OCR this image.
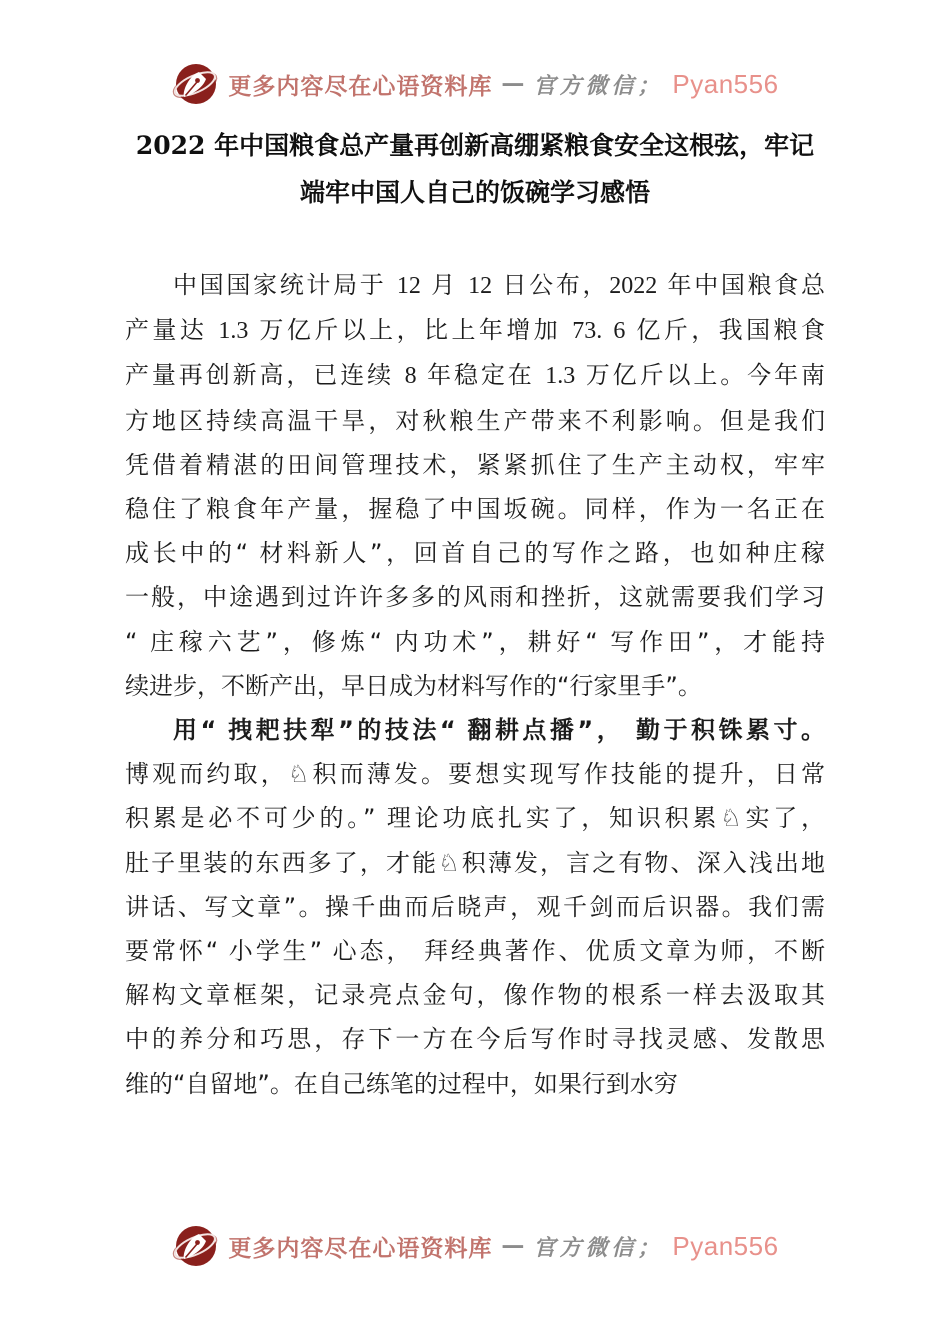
更多内容尽在心语资料库 — 官方微信； Pyan556
2022 年中国粮食总产量再创新高绷紧粮食安全这根弦，牢记
端牢中国人自己的饭碗学习感悟
中国国家统计局于 12 月 12 日公布，2022 年中国粮食总
产量达 1.3 万亿斤以上，比上年增加 73. 6 亿斤，我国粮食
产量再创新高，已连续 8 年稳定在 1.3 万亿斤以上。今年南
方地区持续高温干旱，对秋粮生产带来不利影响。但是我们
凭借着精湛的田间管理技术，紧紧抓住了生产主动权，牢牢
稳住了粮食年产量，握稳了中国坂碗。同样，作为一名正在
成长中的“ 材料新人”，回首自己的写作之路，也如种庄稼
一般，中途遇到过许许多多的风雨和挫折，这就需要我们学习
“ 庄稼六艺”，修炼“ 内功术”，耕好“ 写作田”，才能持
续进步，不断产出，早日成为材料写作的“行家里手”。
用“ 拽耙扶犁”的技法“ 翻耕点播”， 勤于积铢累寸。
博观而约取，♘积而薄发。要想实现写作技能的提升，日常
积累是必不可少的。” 理论功底扎实了，知识积累♘实了，
肚子里装的东西多了，才能♘积薄发，言之有物、深入浅出地
讲话、写文章”。操千曲而后晓声，观千剑而后识器。我们需
要常怀“ 小学生” 心态， 拜经典著作、优质文章为师，不断
解构文章框架，记录亮点金句，像作物的根系一样去汲取其
中的养分和巧思，存下一方在今后写作时寻找灵感、发散思
维的“自留地”。在自己练笔的过程中，如果行到水穷
更多内容尽在心语资料库 — 官方微信； Pyan556
